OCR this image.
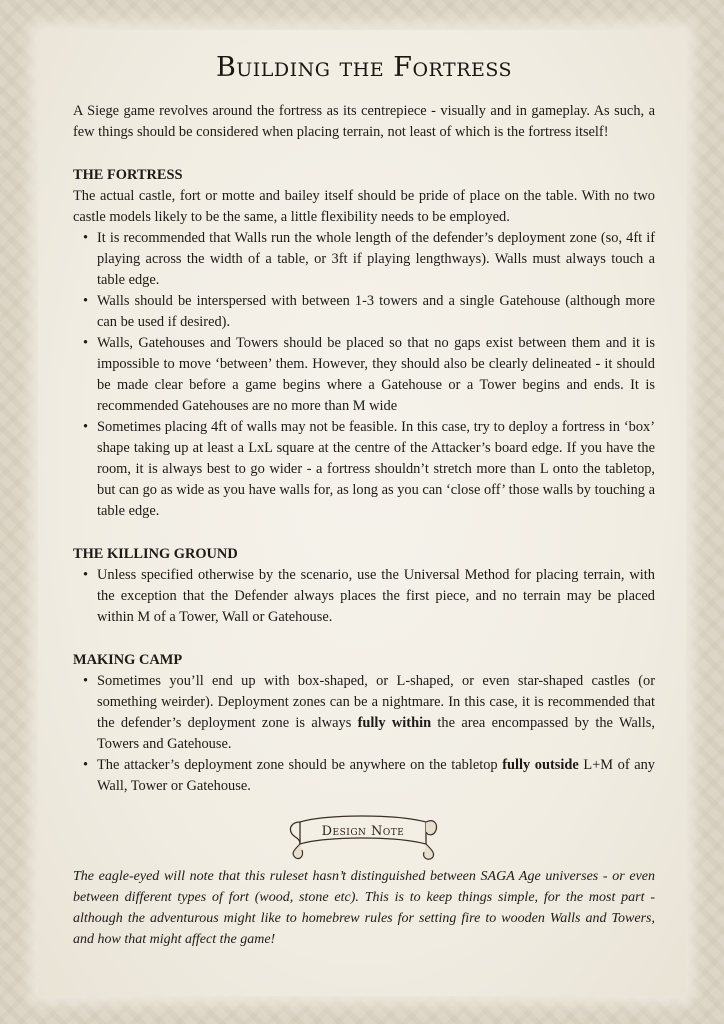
Building the Fortress

A Siege game revolves around the fortress as its centrepiece - visually and in gameplay. As such, a few things should be considered when placing terrain, not least of which is the fortress itself!

THE FORTRESS

The actual castle, fort or motte and bailey itself should be pride of place on the table. With no two castle models likely to be the same, a little flexibility needs to be employed.

• It is recommended that Walls run the whole length of the defender’s deployment zone (so, 4ft if playing across the width of a table, or 3ft if playing lengthways). Walls must always touch a table edge.
• Walls should be interspersed with between 1-3 towers and a single Gatehouse (although more can be used if desired).
• Walls, Gatehouses and Towers should be placed so that no gaps exist between them and it is impossible to move ‘between’ them. However, they should also be clearly delineated - it should be made clear before a game begins where a Gatehouse or a Tower begins and ends. It is recommended Gatehouses are no more than M wide
• Sometimes placing 4ft of walls may not be feasible. In this case, try to deploy a fortress in ‘box’ shape taking up at least a LxL square at the centre of the Attacker’s board edge. If you have the room, it is always best to go wider - a fortress shouldn’t stretch more than L onto the tabletop, but can go as wide as you have walls for, as long as you can ‘close off’ those walls by touching a table edge.
THE KILLING GROUND
• Unless specified otherwise by the scenario, use the Universal Method for placing terrain, with the exception that the Defender always places the first piece, and no terrain may be placed within M of a Tower, Wall or Gatehouse.
MAKING CAMP
• Sometimes you’ll end up with box-shaped, or L-shaped, or even star-shaped castles (or something weirder). Deployment zones can be a nightmare. In this case, it is recommended that the defender’s deployment zone is always fully within the area encompassed by the Walls, Towers and Gatehouse.
• The attacker’s deployment zone should be anywhere on the tabletop fully outside L+M of any Wall, Tower or Gatehouse.
Design Note

The eagle-eyed will note that this ruleset hasn’t distinguished between SAGA Age universes - or even between different types of fort (wood, stone etc). This is to keep things simple, for the most part - although the adventurous might like to homebrew rules for setting fire to wooden Walls and Towers, and how that might affect the game!
